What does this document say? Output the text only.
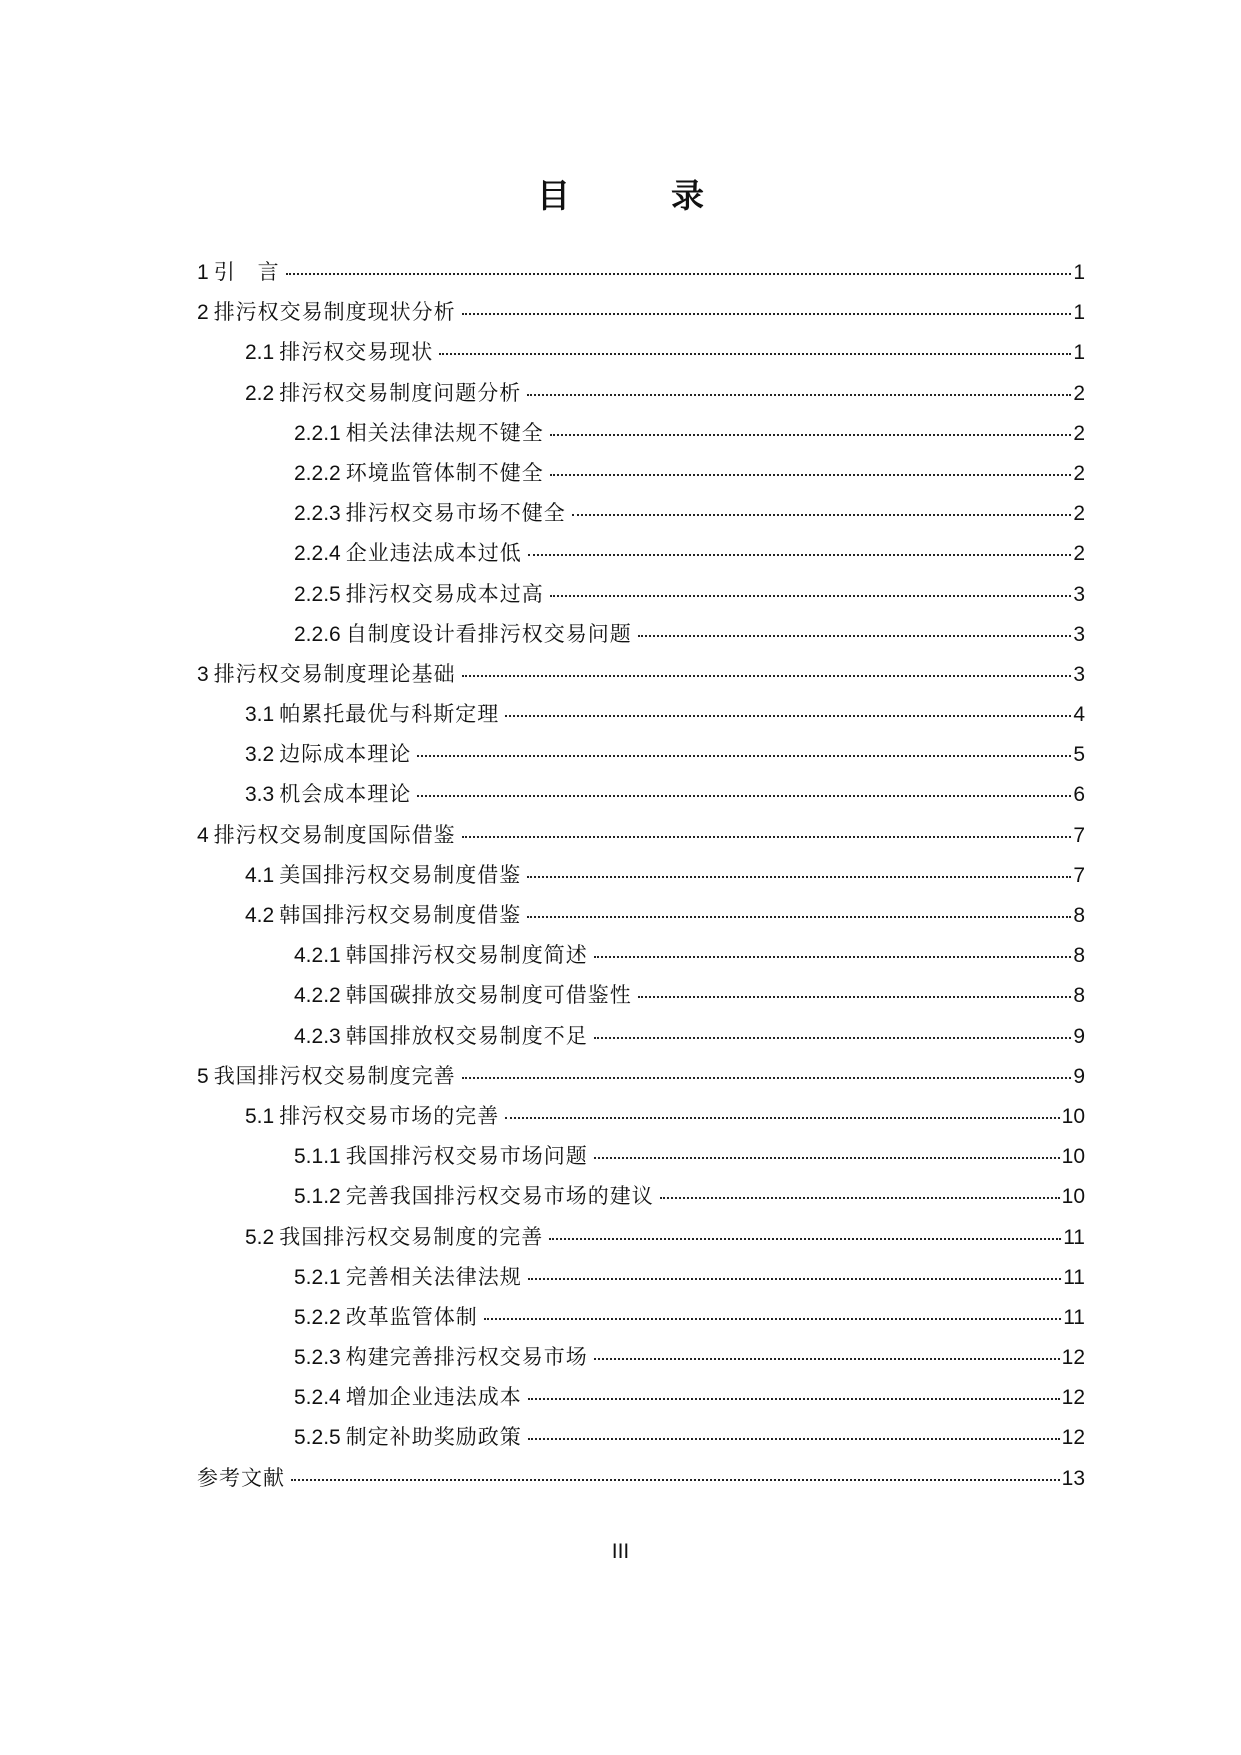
目　录
1 引　言	1
2 排污权交易制度现状分析	1
2.1 排污权交易现状	1
2.2 排污权交易制度问题分析	2
2.2.1 相关法律法规不键全	2
2.2.2 环境监管体制不健全	2
2.2.3 排污权交易市场不健全	2
2.2.4 企业违法成本过低	2
2.2.5 排污权交易成本过高	3
2.2.6 自制度设计看排污权交易问题	3
3 排污权交易制度理论基础	3
3.1 帕累托最优与科斯定理	4
3.2 边际成本理论	5
3.3 机会成本理论	6
4 排污权交易制度国际借鉴	7
4.1 美国排污权交易制度借鉴	7
4.2 韩国排污权交易制度借鉴	8
4.2.1 韩国排污权交易制度简述	8
4.2.2 韩国碳排放交易制度可借鉴性	8
4.2.3 韩国排放权交易制度不足	9
5 我国排污权交易制度完善	9
5.1 排污权交易市场的完善	10
5.1.1 我国排污权交易市场问题	10
5.1.2 完善我国排污权交易市场的建议	10
5.2 我国排污权交易制度的完善	11
5.2.1 完善相关法律法规	11
5.2.2 改革监管体制	11
5.2.3 构建完善排污权交易市场	12
5.2.4 增加企业违法成本	12
5.2.5 制定补助奖励政策	12
参考文献	13
III
